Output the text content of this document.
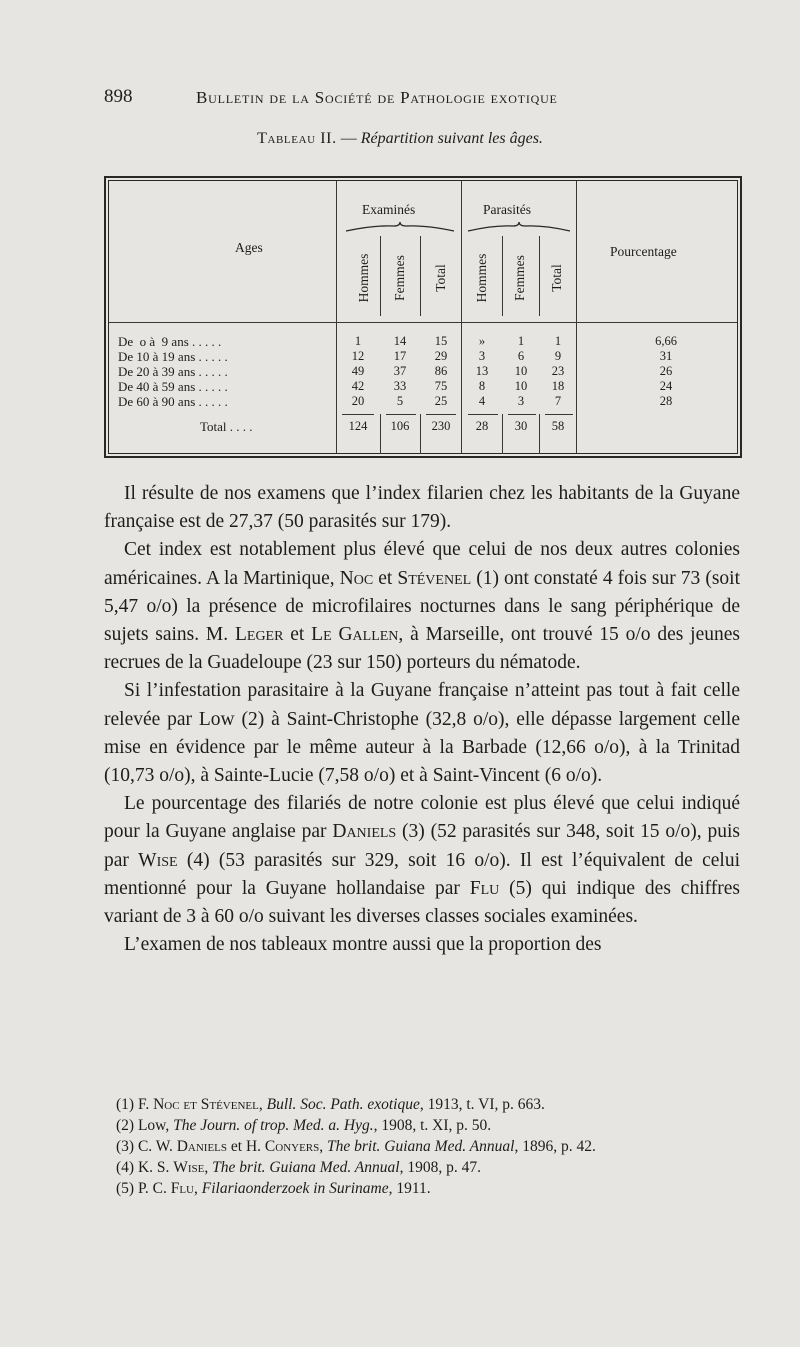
898	Bulletin de la Société de Pathologie exotique
Tableau II. — Répartition suivant les âges.
Ages
Examinés	Parasités
Pourcentage
Hommes Femmes Total Hommes Femmes Total
De  o à  9 ans . . . . .	1	14	15	»	1	1	6,66
De 10 à 19 ans . . . . .	12	17	29	3	6	9	31
De 20 à 39 ans . . . . .	49	37	86	13	10	23	26
De 40 à 59 ans . . . . .	42	33	75	8	10	18	24
De 60 à 90 ans . . . . .	20	5	25	4	3	7	28
Total . . . .	124	106	230	28	30	58

Il résulte de nos examens que l’index filarien chez les habitants de la Guyane française est de 27,37 (50 parasités sur 179).

Cet index est notablement plus élevé que celui de nos deux autres colonies américaines. A la Martinique, Noc et Stévenel (1) ont constaté 4 fois sur 73 (soit 5,47 o/o) la présence de microfilaires nocturnes dans le sang périphérique de sujets sains. M. Leger et Le Gallen, à Marseille, ont trouvé 15 o/o des jeunes recrues de la Guadeloupe (23 sur 150) porteurs du nématode.

Si l’infestation parasitaire à la Guyane française n’atteint pas tout à fait celle relevée par Low (2) à Saint-Christophe (32,8 o/o), elle dépasse largement celle mise en évidence par le même auteur à la Barbade (12,66 o/o), à la Trinitad (10,73 o/o), à Sainte-Lucie (7,58 o/o) et à Saint-Vincent (6 o/o).

Le pourcentage des filariés de notre colonie est plus élevé que celui indiqué pour la Guyane anglaise par Daniels (3) (52 parasités sur 348, soit 15 o/o), puis par Wise (4) (53 parasités sur 329, soit 16 o/o). Il est l’équivalent de celui mentionné pour la Guyane hollandaise par Flu (5) qui indique des chiffres variant de 3 à 60 o/o suivant les diverses classes sociales examinées.

L’examen de nos tableaux montre aussi que la proportion des

(1) F. Noc et Stévenel, Bull. Soc. Path. exotique, 1913, t. VI, p. 663.

(2) Low, The Journ. of trop. Med. a. Hyg., 1908, t. XI, p. 50.

(3) C. W. Daniels et H. Conyers, The brit. Guiana Med. Annual, 1896, p. 42.

(4) K. S. Wise, The brit. Guiana Med. Annual, 1908, p. 47.

(5) P. C. Flu, Filariaonderzoek in Suriname, 1911.
